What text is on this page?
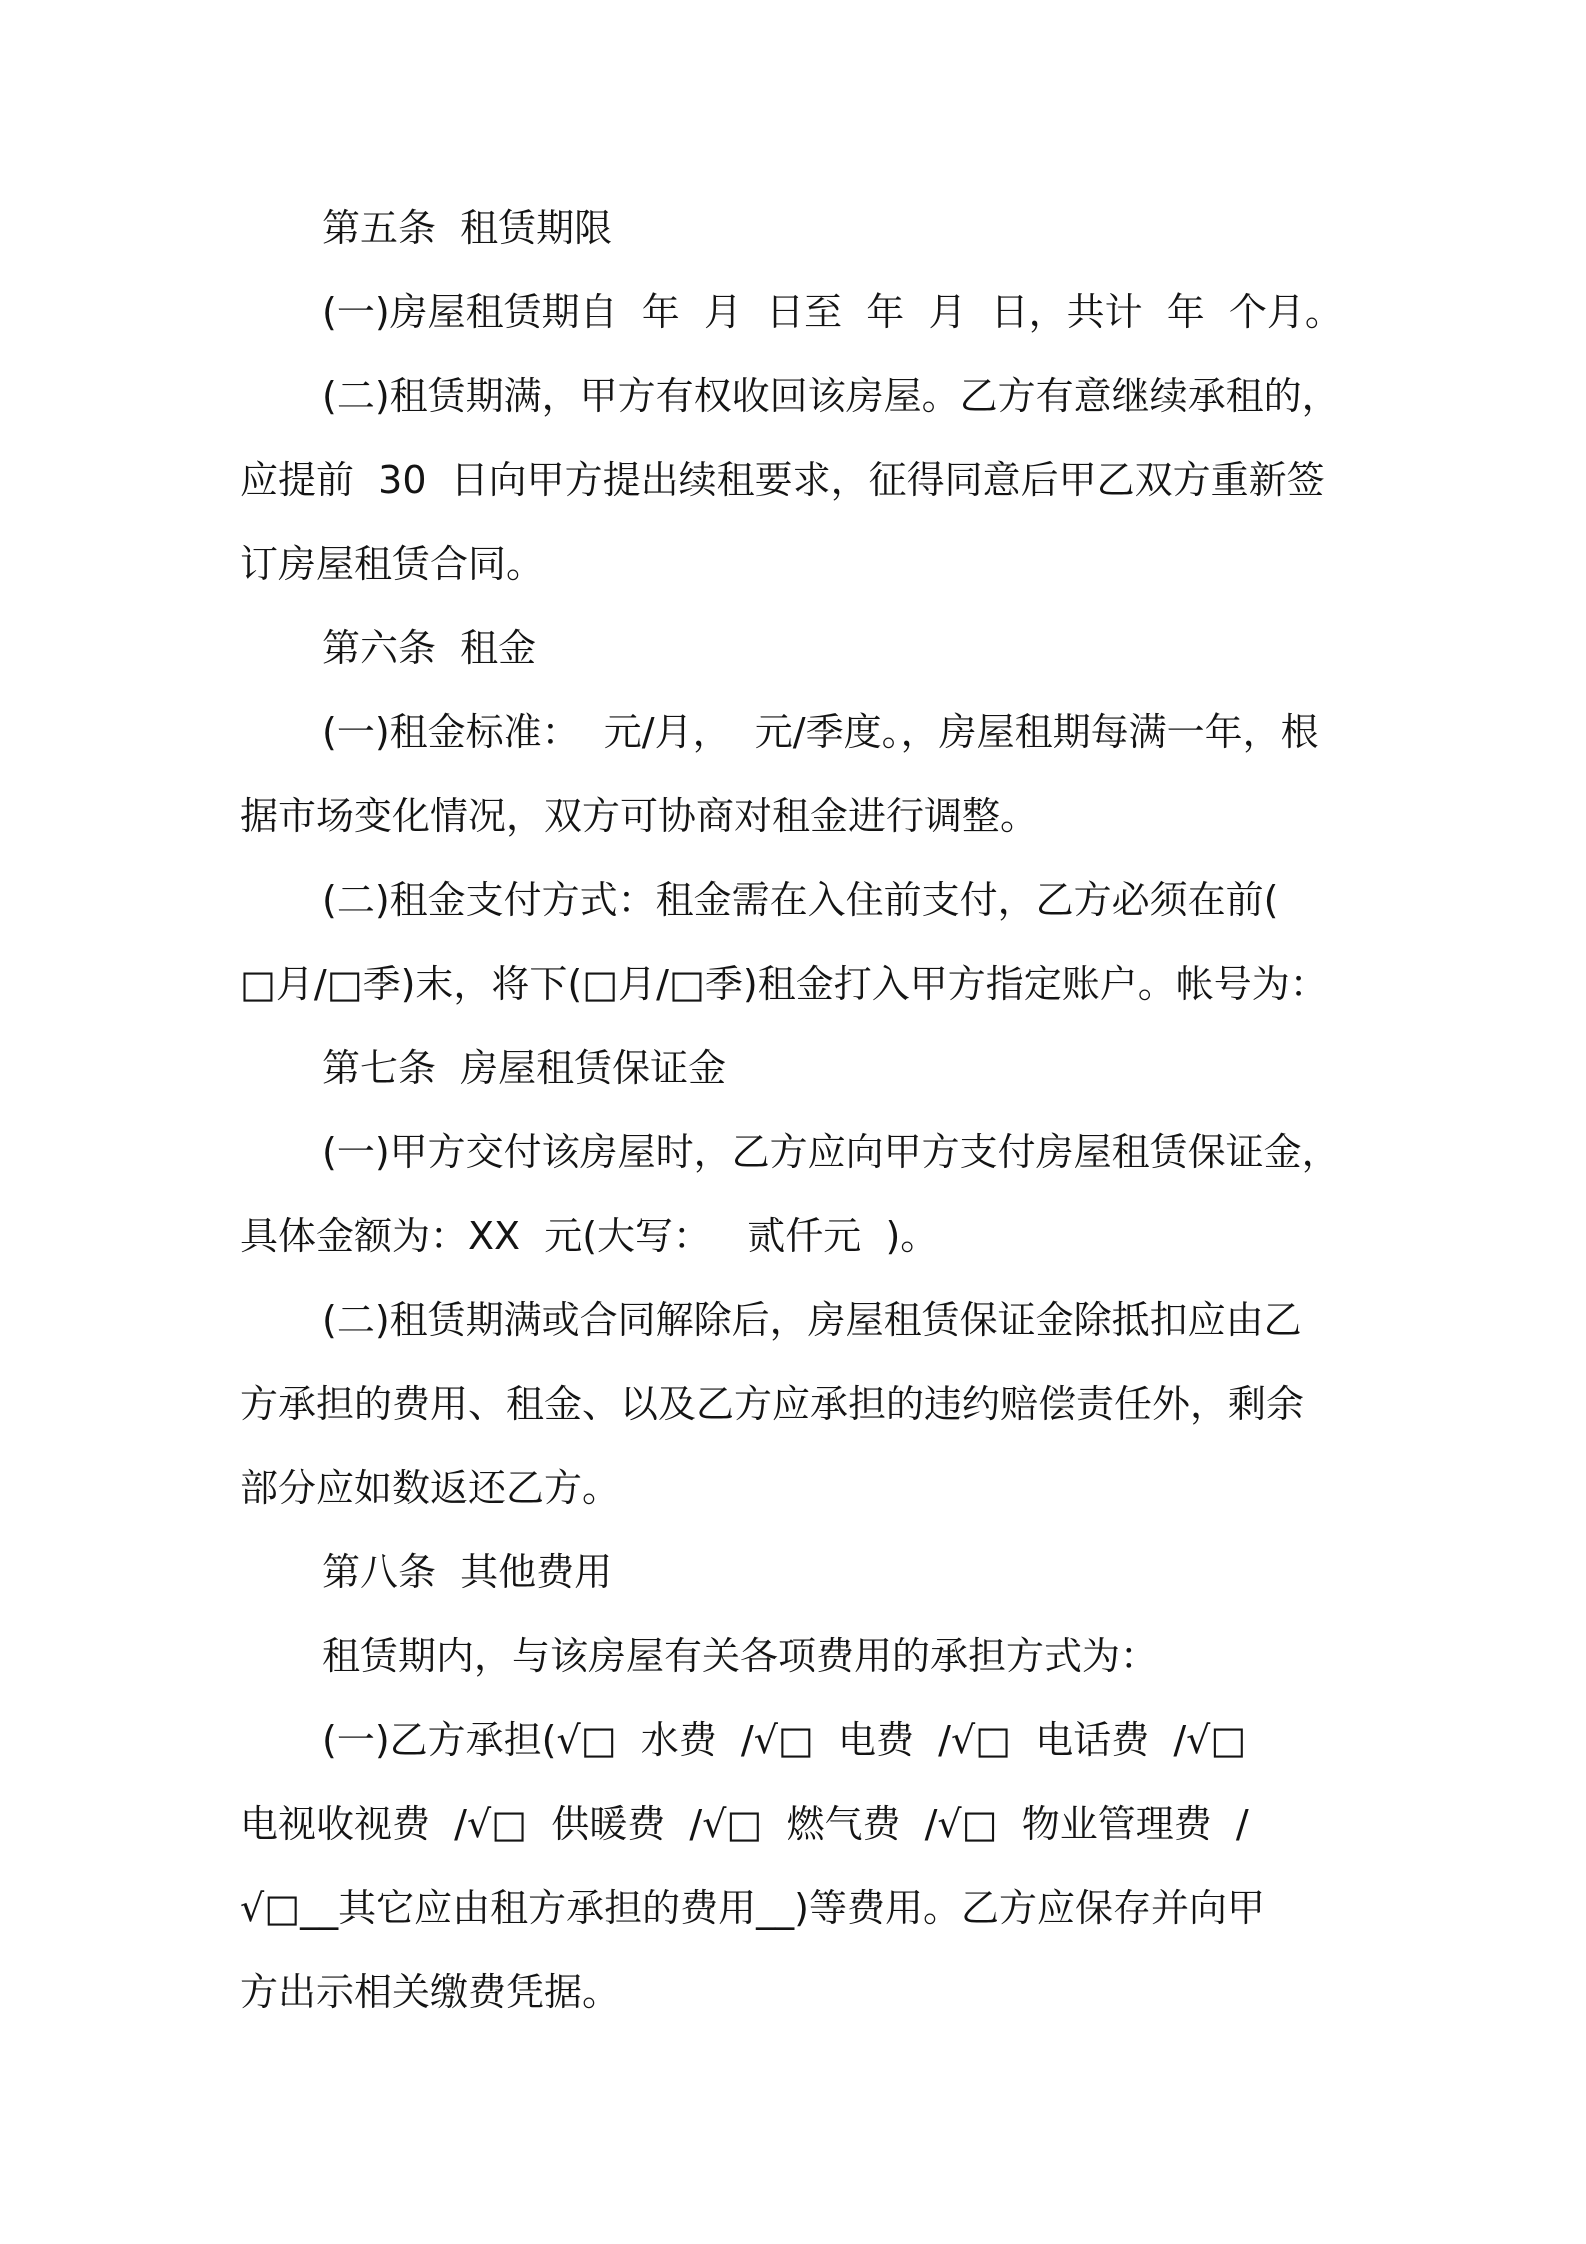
第五条  租赁期限
(一)房屋租赁期自  年  月  日至  年  月  日，共计  年  个月。
(二)租赁期满，甲方有权收回该房屋。乙方有意继续承租的，
应提前  30  日向甲方提出续租要求，征得同意后甲乙双方重新签
订房屋租赁合同。
第六条  租金
(一)租金标准：  元/月，  元/季度。，房屋租期每满一年，根
据市场变化情况，双方可协商对租金进行调整。
(二)租金支付方式：租金需在入住前支付，乙方必须在前(
□月/□季)末，将下(□月/□季)租金打入甲方指定账户。帐号为：
第七条  房屋租赁保证金
(一)甲方交付该房屋时，乙方应向甲方支付房屋租赁保证金，
具体金额为：XX  元(大写：   贰仟元  )。
(二)租赁期满或合同解除后，房屋租赁保证金除抵扣应由乙
方承担的费用、租金、以及乙方应承担的违约赔偿责任外，剩余
部分应如数返还乙方。
第八条  其他费用
租赁期内，与该房屋有关各项费用的承担方式为：
(一)乙方承担(√□  水费  /√□  电费  /√□  电话费  /√□
电视收视费  /√□  供暖费  /√□  燃气费  /√□  物业管理费  /
√□__其它应由租方承担的费用__)等费用。乙方应保存并向甲
方出示相关缴费凭据。
